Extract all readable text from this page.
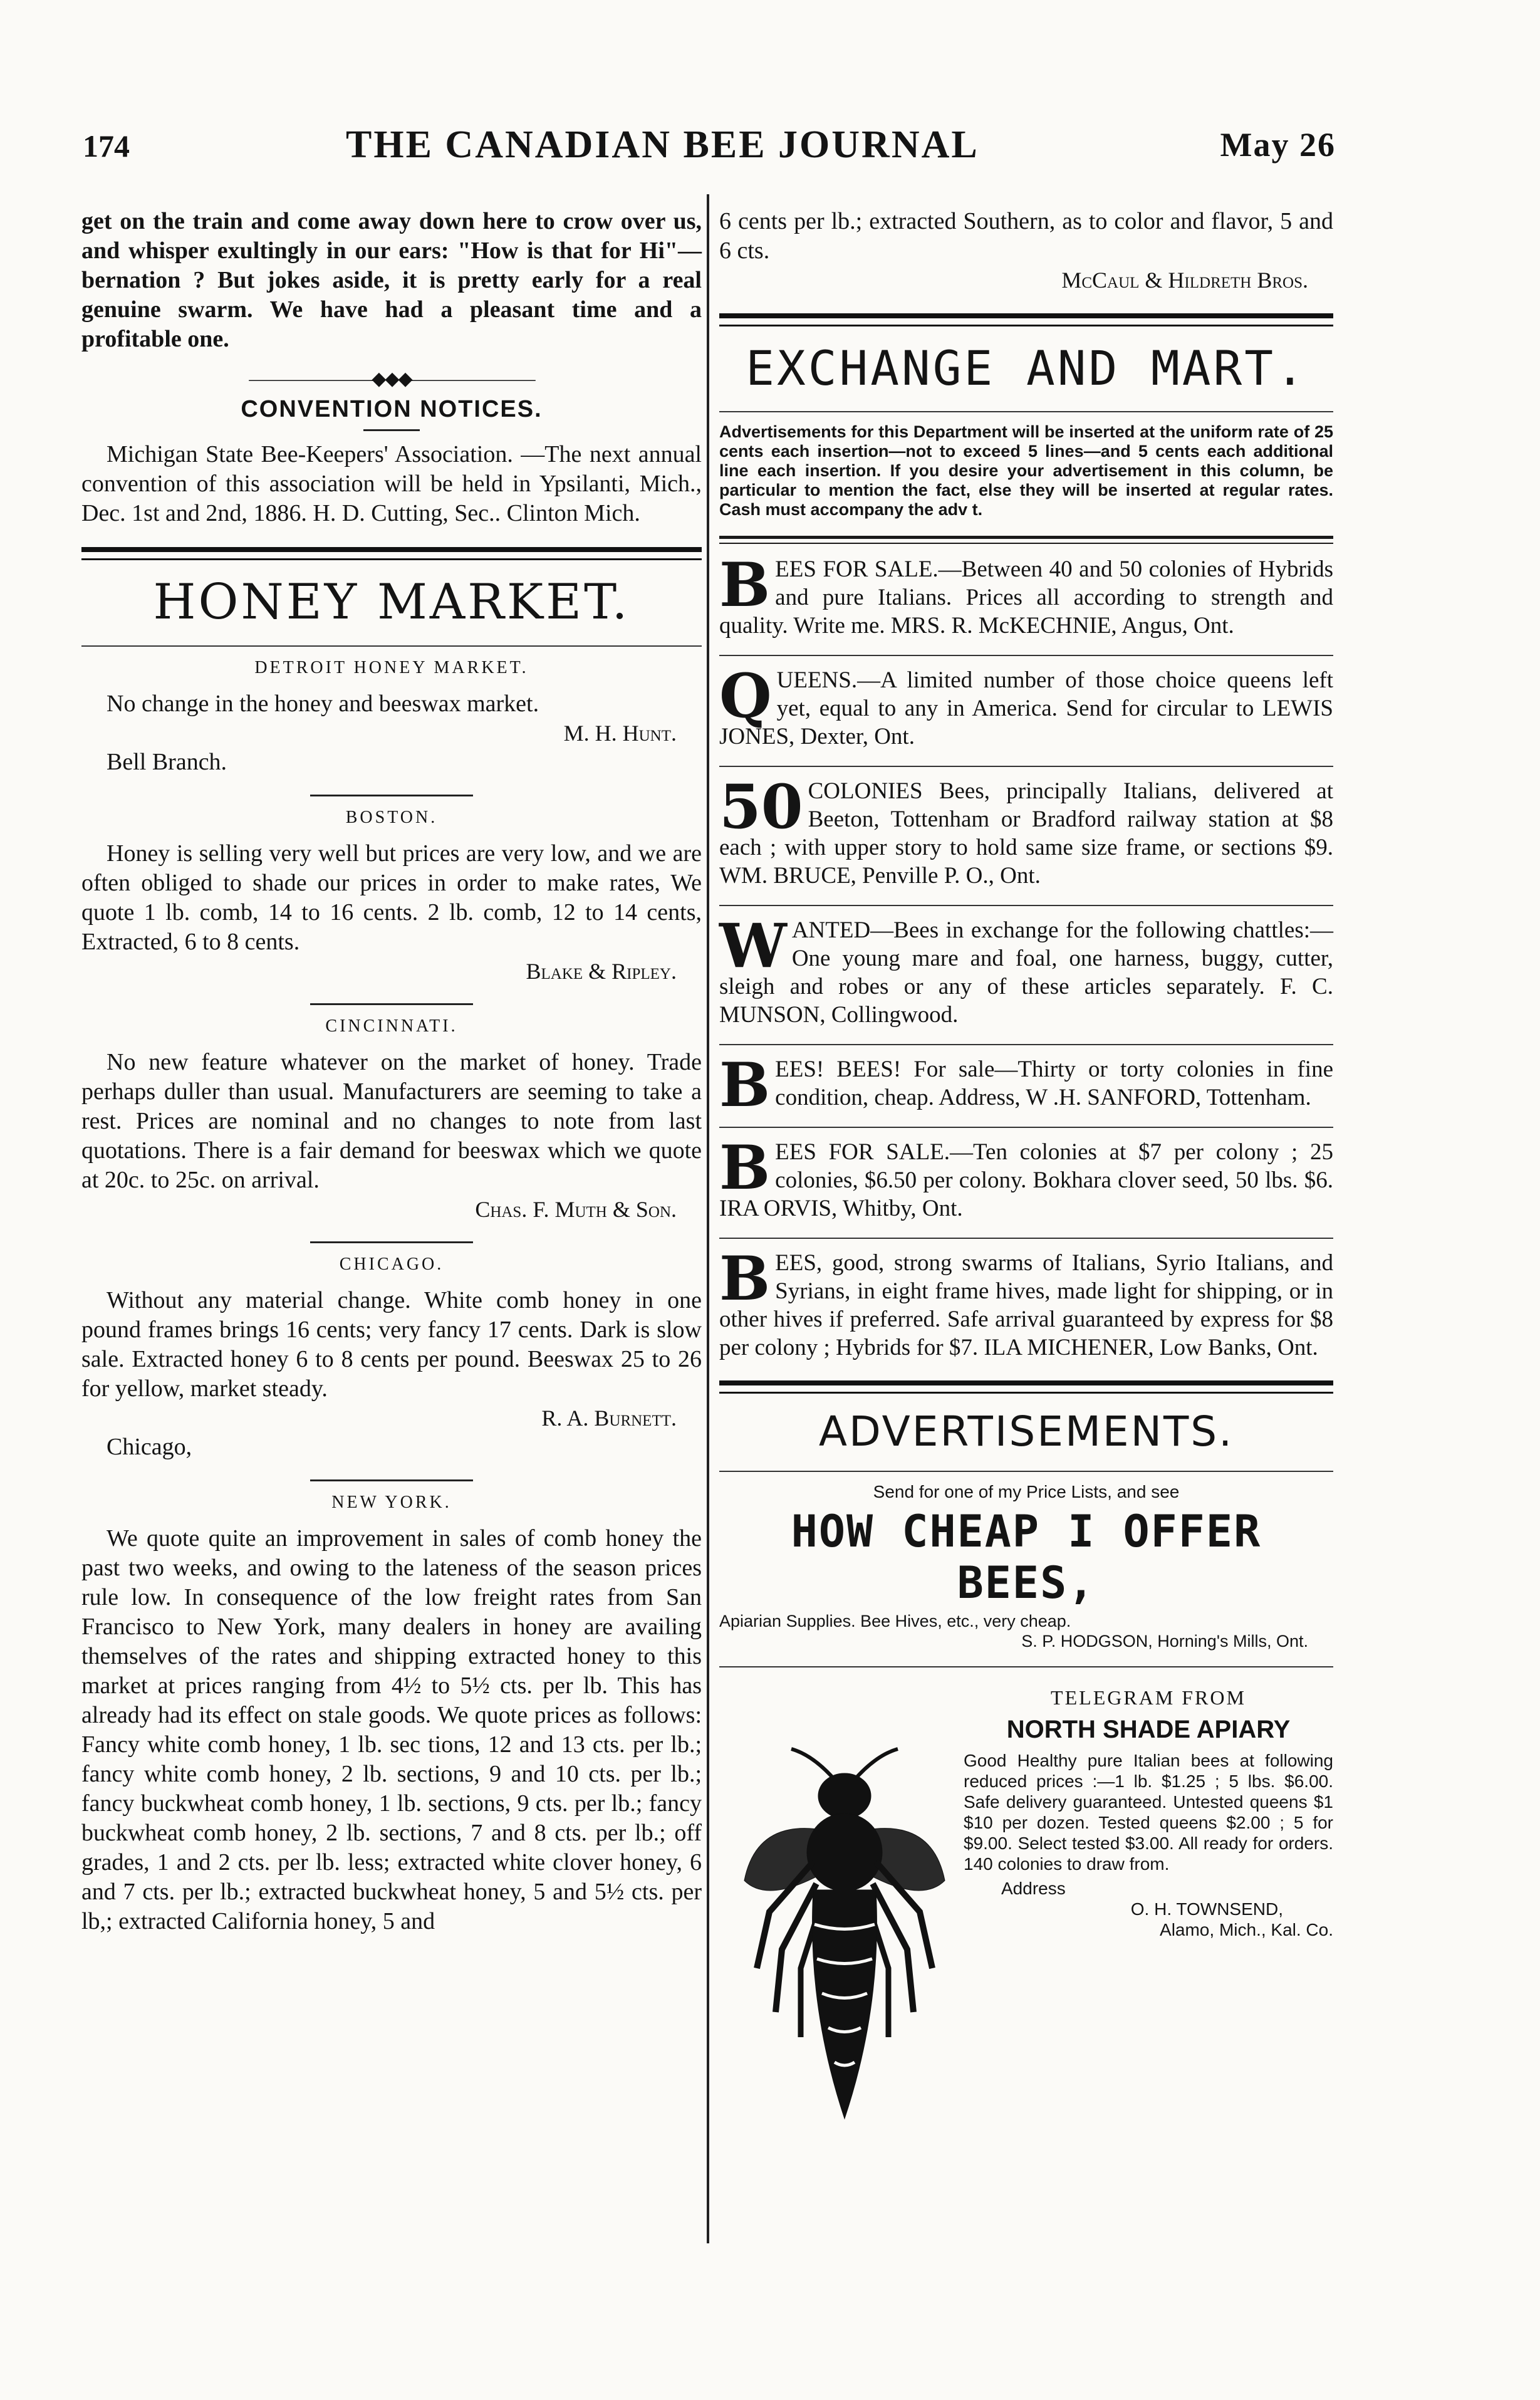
174	THE CANADIAN BEE JOURNAL	May 26

get on the train and come away down here to crow over us, and whisper exultingly in our ears: "How is that for Hi"—bernation ? But jokes aside, it is pretty early for a real genuine swarm. We have had a pleasant time and a profitable one.

———————◆◆◆———————
CONVENTION NOTICES.

Michigan State Bee-Keepers' Association. —The next annual convention of this association will be held in Ypsilanti, Mich., Dec. 1st and 2nd, 1886. H. D. Cutting, Sec.. Clinton Mich.

HONEY MARKET.
DETROIT HONEY MARKET.

No change in the honey and beeswax market.

M. H. Hunt.

Bell Branch.

BOSTON.

Honey is selling very well but prices are very low, and we are often obliged to shade our prices in order to make rates, We quote 1 lb. comb, 14 to 16 cents. 2 lb. comb, 12 to 14 cents, Extracted, 6 to 8 cents.

Blake & Ripley.

CINCINNATI.

No new feature whatever on the market of honey. Trade perhaps duller than usual. Manufacturers are seeming to take a rest. Prices are nominal and no changes to note from last quotations. There is a fair demand for beeswax which we quote at 20c. to 25c. on arrival.

Chas. F. Muth & Son.

CHICAGO.

Without any material change. White comb honey in one pound frames brings 16 cents; very fancy 17 cents. Dark is slow sale. Extracted honey 6 to 8 cents per pound. Beeswax 25 to 26 for yellow, market steady.

R. A. Burnett.

Chicago,

NEW YORK.

We quote quite an improvement in sales of comb honey the past two weeks, and owing to the lateness of the season prices rule low. In consequence of the low freight rates from San Francisco to New York, many dealers in honey are availing themselves of the rates and shipping extracted honey to this market at prices ranging from 4½ to 5½ cts. per lb. This has already had its effect on stale goods. We quote prices as follows: Fancy white comb honey, 1 lb. sec tions, 12 and 13 cts. per lb.; fancy white comb honey, 2 lb. sections, 9 and 10 cts. per lb.; fancy buckwheat comb honey, 1 lb. sections, 9 cts. per lb.; fancy buckwheat comb honey, 2 lb. sections, 7 and 8 cts. per lb.; off grades, 1 and 2 cts. per lb. less; extracted white clover honey, 6 and 7 cts. per lb.; extracted buckwheat honey, 5 and 5½ cts. per lb,; extracted California honey, 5 and

6 cents per lb.; extracted Southern, as to color and flavor, 5 and 6 cts.

McCaul & Hildreth Bros.

EXCHANGE AND MART.
Advertisements for this Department will be inserted at the uniform rate of 25 cents each insertion—not to exceed 5 lines—and 5 cents each additional line each insertion. If you desire your advertisement in this column, be particular to mention the fact, else they will be inserted at regular rates. Cash must accompany the adv t.
B EES FOR SALE.—Between 40 and 50 colonies of Hybrids and pure Italians. Prices all according to strength and quality. Write me. MRS. R. McKECHNIE, Angus, Ont.
Q UEENS.—A limited number of those choice queens left yet, equal to any in America. Send for circular to LEWIS JONES, Dexter, Ont.
50 COLONIES Bees, principally Italians, delivered at Beeton, Tottenham or Bradford railway station at $8 each ; with upper story to hold same size frame, or sections $9. WM. BRUCE, Penville P. O., Ont.
W ANTED—Bees in exchange for the following chattles:—One young mare and foal, one harness, buggy, cutter, sleigh and robes or any of these articles separately. F. C. MUNSON, Collingwood.
B EES! BEES! For sale—Thirty or torty colonies in fine condition, cheap. Address, W .H. SANFORD, Tottenham.
B EES FOR SALE.—Ten colonies at $7 per colony ; 25 colonies, $6.50 per colony. Bokhara clover seed, 50 lbs. $6. IRA ORVIS, Whitby, Ont.
B EES, good, strong swarms of Italians, Syrio Italians, and Syrians, in eight frame hives, made light for shipping, or in other hives if preferred. Safe arrival guaranteed by express for $8 per colony ; Hybrids for $7. ILA MICHENER, Low Banks, Ont.
ADVERTISEMENTS.
Send for one of my Price Lists, and see
HOW CHEAP I OFFER BEES,
Apiarian Supplies. Bee Hives, etc., very cheap.
S. P. HODGSON, Horning's Mills, Ont.
TELEGRAM FROM
NORTH SHADE APIARY
Good Healthy pure Italian bees at following reduced prices :—1 lb. $1.25 ; 5 lbs. $6.00. Safe delivery guaranteed. Untested queens $1 $10 per dozen. Tested queens $2.00 ; 5 for $9.00. Select tested $3.00. All ready for orders. 140 colonies to draw from.
Address
O. H. TOWNSEND,
Alamo, Mich., Kal. Co.
